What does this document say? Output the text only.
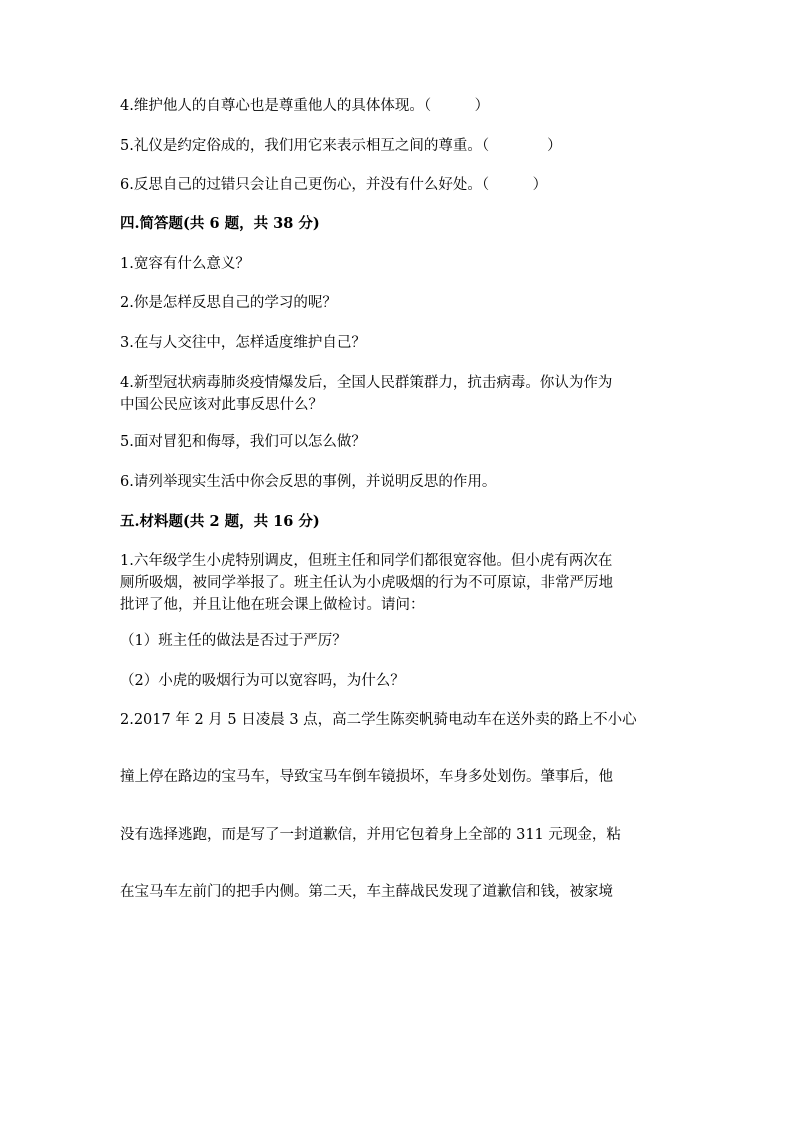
4.维护他人的自尊心也是尊重他人的具体体现。（　　　）
5.礼仪是约定俗成的，我们用它来表示相互之间的尊重。（　　　　）
6.反思自己的过错只会让自己更伤心，并没有什么好处。（　　　）
四.简答题(共 6 题，共 38 分)
1.宽容有什么意义？
2.你是怎样反思自己的学习的呢？
3.在与人交往中，怎样适度维护自己？
4.新型冠状病毒肺炎疫情爆发后，全国人民群策群力，抗击病毒。你认为作为
中国公民应该对此事反思什么？
5.面对冒犯和侮辱，我们可以怎么做？
6.请列举现实生活中你会反思的事例，并说明反思的作用。
五.材料题(共 2 题，共 16 分)
1.六年级学生小虎特别调皮，但班主任和同学们都很宽容他。但小虎有两次在
厕所吸烟，被同学举报了。班主任认为小虎吸烟的行为不可原谅，非常严厉地
批评了他，并且让他在班会课上做检讨。请问：
（1）班主任的做法是否过于严厉？
（2）小虎的吸烟行为可以宽容吗，为什么？
2.2017 年 2 月 5 日凌晨 3 点，高二学生陈奕帆骑电动车在送外卖的路上不小心
撞上停在路边的宝马车，导致宝马车倒车镜损坏，车身多处划伤。肇事后，他
没有选择逃跑，而是写了一封道歉信，并用它包着身上全部的 311 元现金，粘
在宝马车左前门的把手内侧。第二天，车主薛战民发现了道歉信和钱，被家境
